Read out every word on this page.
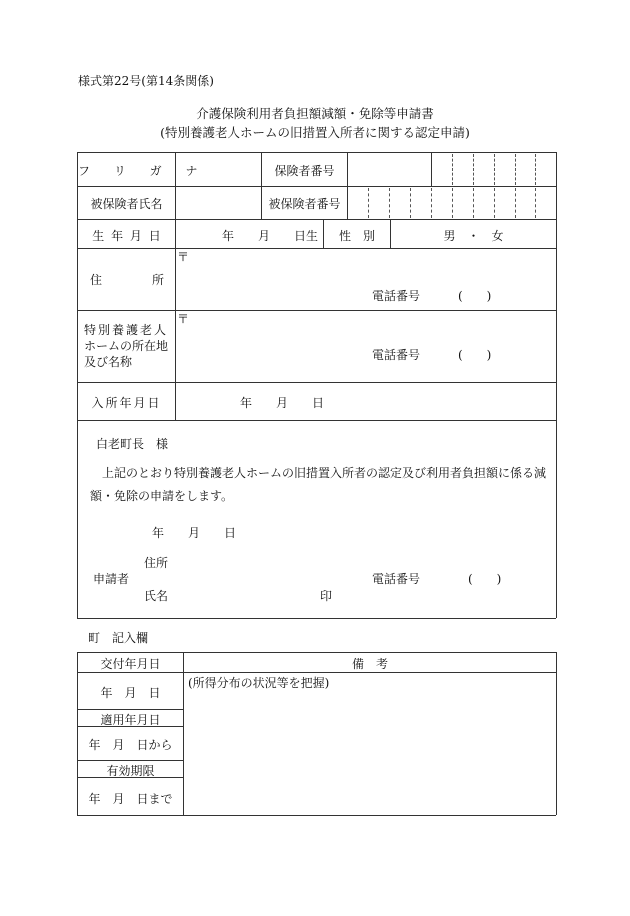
様式第22号(第14条関係)
介護保険利用者負担額減額・免除等申請書
(特別養護老人ホームの旧措置入所者に関する認定申請)
フ リ ガ ナ	保険者番号
被保険者氏名	被保険者番号
生 年 月 日	年　　月　　日生	性　別	男　・　女
住	所
〒
電話番号	(　　)
特別養護老人
ホームの所在地
及び名称
〒
電話番号	(　　)
入所年月日	年　　月　　日
白老町長　様
上記のとおり特別養護老人ホームの旧措置入所者の認定及び利用者負担額に係る減
額・免除の申請をします。
年　　月　　日
住所
申請者
氏名	印
電話番号	(　　)
町　記入欄
交付年月日	備　考
年　月　日
(所得分布の状況等を把握)
適用年月日
年　月　日から
有効期限
年　月　日まで
